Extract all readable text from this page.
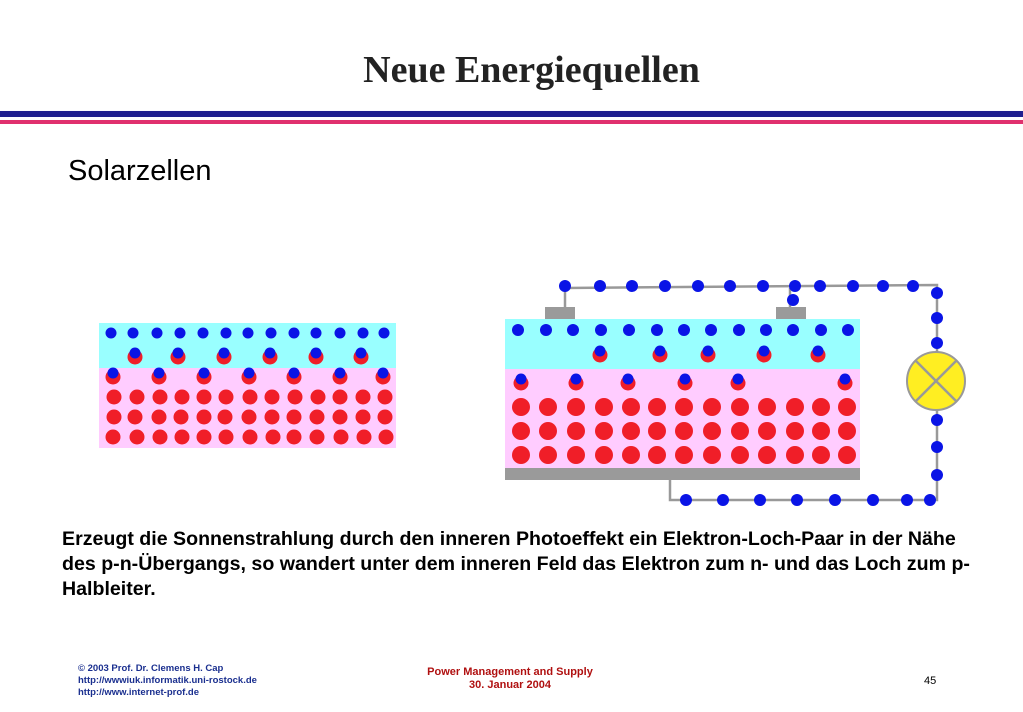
Neue Energiequellen
Solarzellen
Erzeugt die Sonnenstrahlung durch den inneren Photoeffekt ein Elektron-Loch-Paar in der Nähe des p-n-Übergangs, so wandert unter dem inneren Feld das Elektron zum n- und das Loch zum p-Halbleiter.
© 2003 Prof. Dr. Clemens H. Cap
http://wwwiuk.informatik.uni-rostock.de
http://www.internet-prof.de
Power Management and Supply
30. Januar 2004	45
